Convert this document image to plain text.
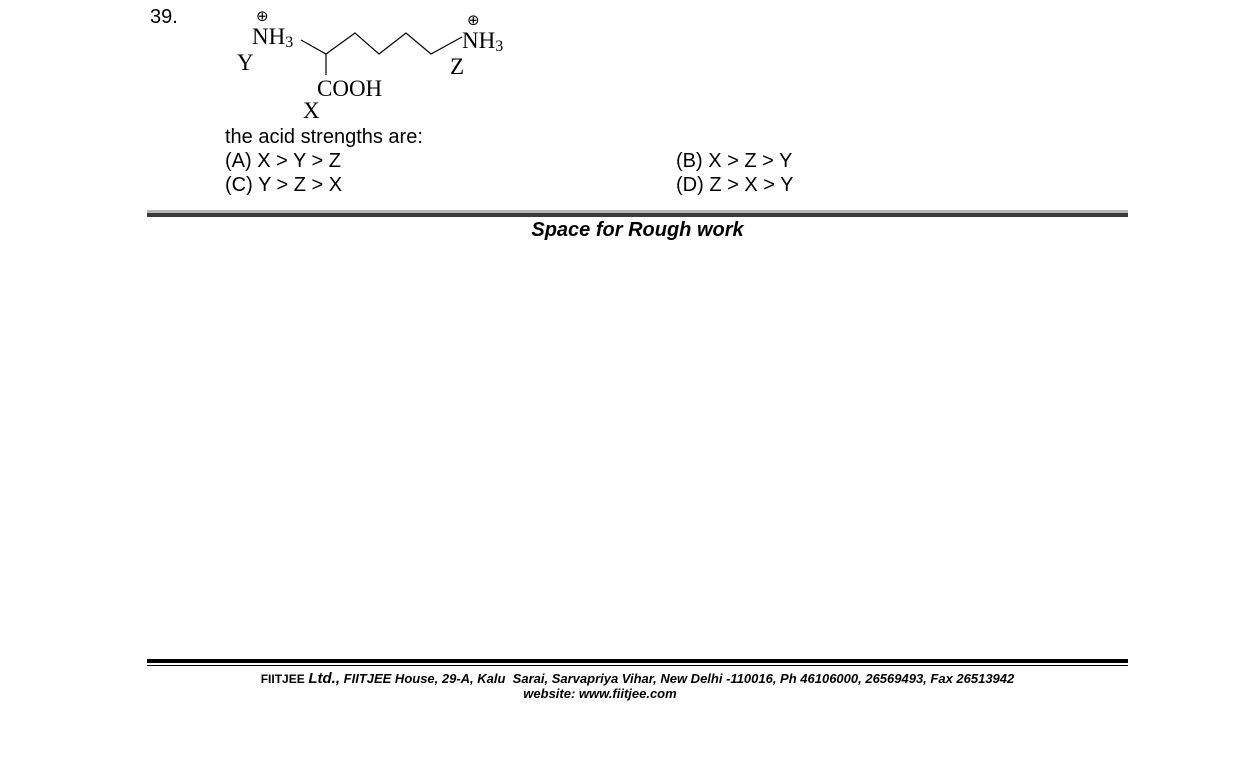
39.	⊕	⊕
NH3	NH3
COOH
Y	Z
X
the acid strengths are:
(A) X > Y > Z	(B) X > Z > Y
(C) Y > Z > X	(D) Z > X > Y
Space for Rough work
FIITJEE Ltd., FIITJEE House, 29-A, Kalu  Sarai, Sarvapriya Vihar, New Delhi -110016, Ph 46106000, 26569493, Fax 26513942
website: www.fiitjee.com
